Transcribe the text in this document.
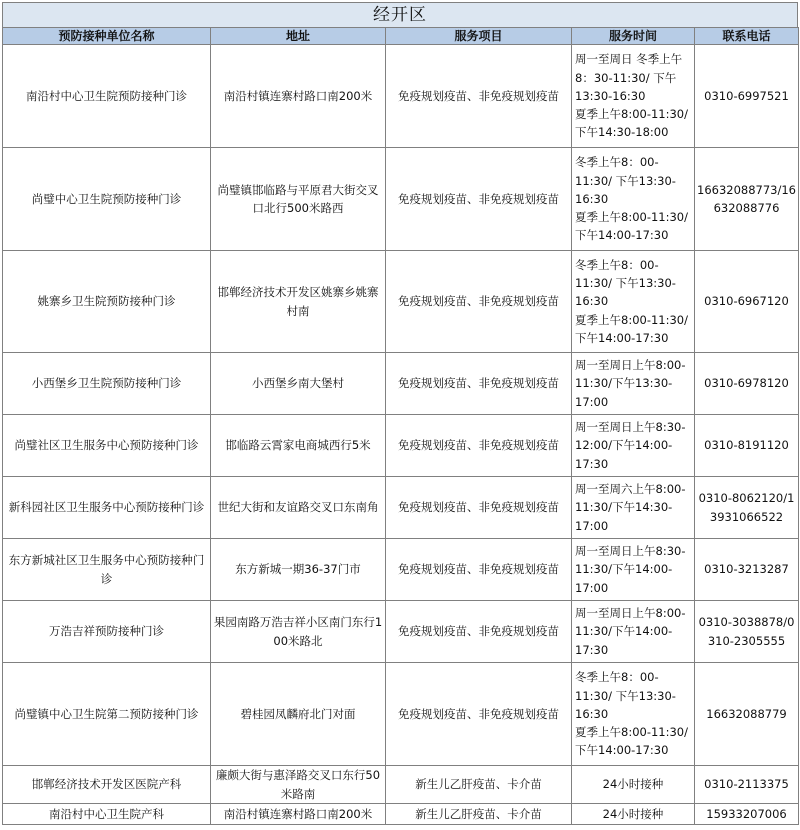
经开区
预防接种单位名称	地址	服务项目	服务时间	联系电话
南沿村中心卫生院预防接种门诊	南沿村镇连寨村路口南200米	免疫规划疫苗、非免疫规划疫苗	周一至周日 冬季上午
8：30-11:30/ 下午
13:30-16:30
夏季上午8:00-11:30/
下午14:30-18:00	0310-6997521
尚璧中心卫生院预防接种门诊	尚璧镇邯临路与平原君大街交叉口北行500米路西	免疫规划疫苗、非免疫规划疫苗	冬季上午8：00-
11:30/ 下午13:30-
16:30
夏季上午8:00-11:30/
下午14:00-17:30	16632088773/16632088776
姚寨乡卫生院预防接种门诊	邯郸经济技术开发区姚寨乡姚寨村南	免疫规划疫苗、非免疫规划疫苗	冬季上午8：00-
11:30/ 下午13:30-
16:30
夏季上午8:00-11:30/
下午14:00-17:30	0310-6967120
小西堡乡卫生院预防接种门诊	小西堡乡南大堡村	免疫规划疫苗、非免疫规划疫苗	周一至周日上午8:00-
11:30/下午13:30-
17:00	0310-6978120
尚璧社区卫生服务中心预防接种门诊	邯临路云霄家电商城西行5米	免疫规划疫苗、非免疫规划疫苗	周一至周日上午8:30-
12:00/下午14:00-
17:30	0310-8191120
新科园社区卫生服务中心预防接种门诊	世纪大街和友谊路交叉口东南角	免疫规划疫苗、非免疫规划疫苗	周一至周六上午8:00-
11:30/下午14:30-
17:00	0310-8062120/13931066522
东方新城社区卫生服务中心预防接种门诊	东方新城一期36-37门市	免疫规划疫苗、非免疫规划疫苗	周一至周日上午8:30-
11:30/下午14:00-
17:00	0310-3213287
万浩吉祥预防接种门诊	果园南路万浩吉祥小区南门东行100米路北	免疫规划疫苗、非免疫规划疫苗	周一至周日上午8:00-
11:30/下午14:00-
17:30	0310-3038878/0310-2305555
尚璧镇中心卫生院第二预防接种门诊	碧桂园凤麟府北门对面	免疫规划疫苗、非免疫规划疫苗	冬季上午8：00-
11:30/ 下午13:30-
16:30
夏季上午8:00-11:30/
下午14:00-17:30	16632088779
邯郸经济技术开发区医院产科	廉颇大街与惠泽路交叉口东行50米路南	新生儿乙肝疫苗、卡介苗	24小时接种	0310-2113375
南沿村中心卫生院产科	南沿村镇连寨村路口南200米	新生儿乙肝疫苗、卡介苗	24小时接种	15933207006
